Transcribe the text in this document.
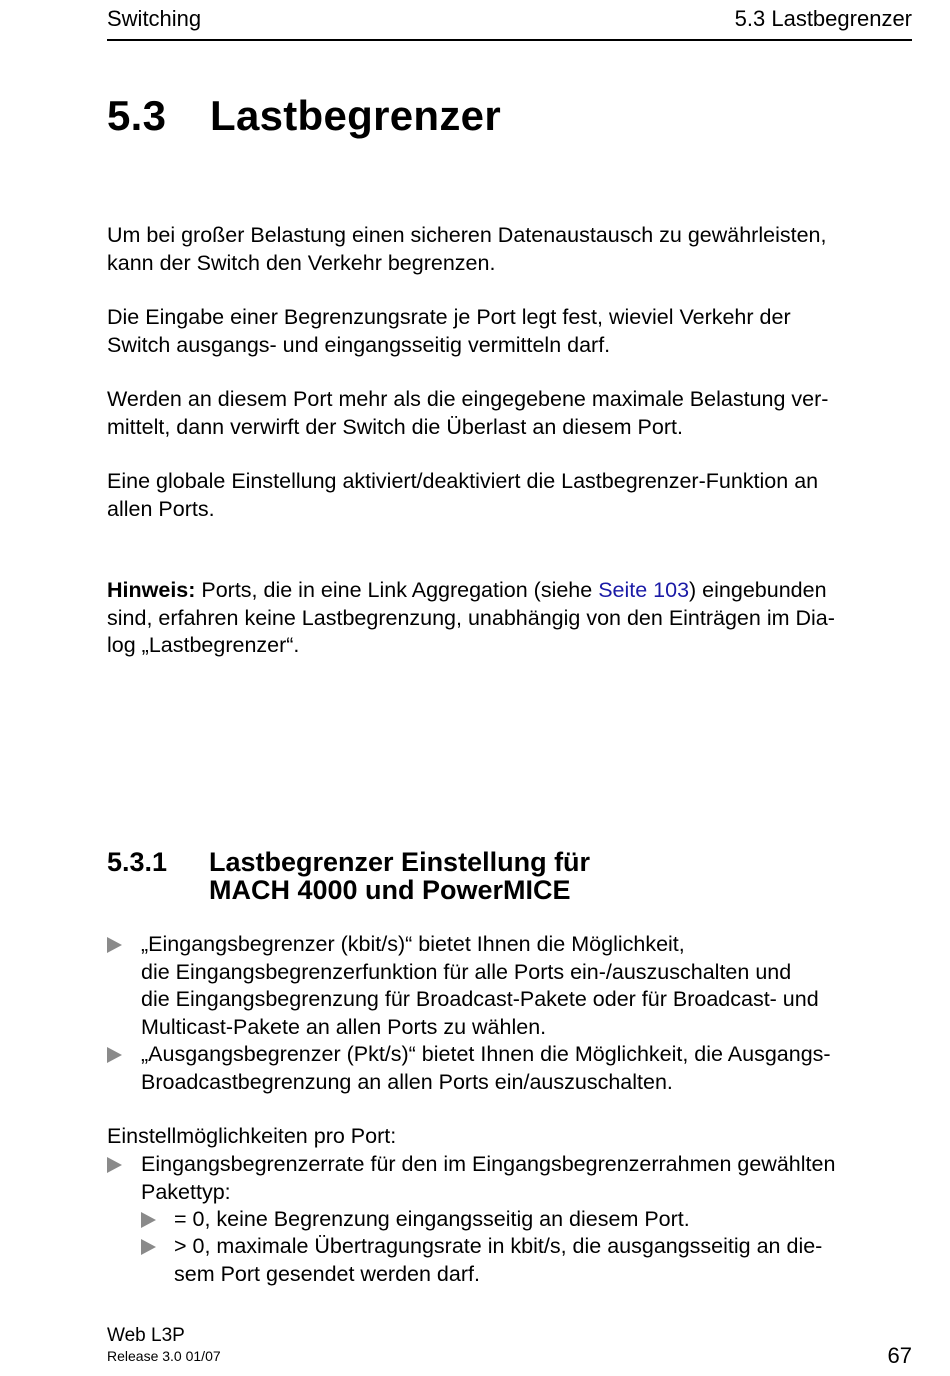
Switching	5.3 Lastbegrenzer
5.3 Lastbegrenzer
Um bei großer Belastung einen sicheren Datenaustausch zu gewährleisten,
kann der Switch den Verkehr begrenzen.
Die Eingabe einer Begrenzungsrate je Port legt fest, wieviel Verkehr der
Switch ausgangs- und eingangsseitig vermitteln darf.
Werden an diesem Port mehr als die eingegebene maximale Belastung ver-
mittelt, dann verwirft der Switch die Überlast an diesem Port.
Eine globale Einstellung aktiviert/deaktiviert die Lastbegrenzer-Funktion an
allen Ports.
Hinweis: Ports, die in eine Link Aggregation (siehe Seite 103) eingebunden
sind, erfahren keine Lastbegrenzung, unabhängig von den Einträgen im Dia-
log „Lastbegrenzer“.
5.3.1 Lastbegrenzer Einstellung für
MACH 4000 und PowerMICE
„Eingangsbegrenzer (kbit/s)“ bietet Ihnen die Möglichkeit,
die Eingangsbegrenzerfunktion für alle Ports ein-/auszuschalten und
die Eingangsbegrenzung für Broadcast-Pakete oder für Broadcast- und
Multicast-Pakete an allen Ports zu wählen.
„Ausgangsbegrenzer (Pkt/s)“ bietet Ihnen die Möglichkeit, die Ausgangs-
Broadcastbegrenzung an allen Ports ein/auszuschalten.
Einstellmöglichkeiten pro Port:
Eingangsbegrenzerrate für den im Eingangsbegrenzerrahmen gewählten
Pakettyp:
= 0, keine Begrenzung eingangsseitig an diesem Port.
> 0, maximale Übertragungsrate in kbit/s, die ausgangsseitig an die-
sem Port gesendet werden darf.
Web L3P
Release 3.0 01/07	67
